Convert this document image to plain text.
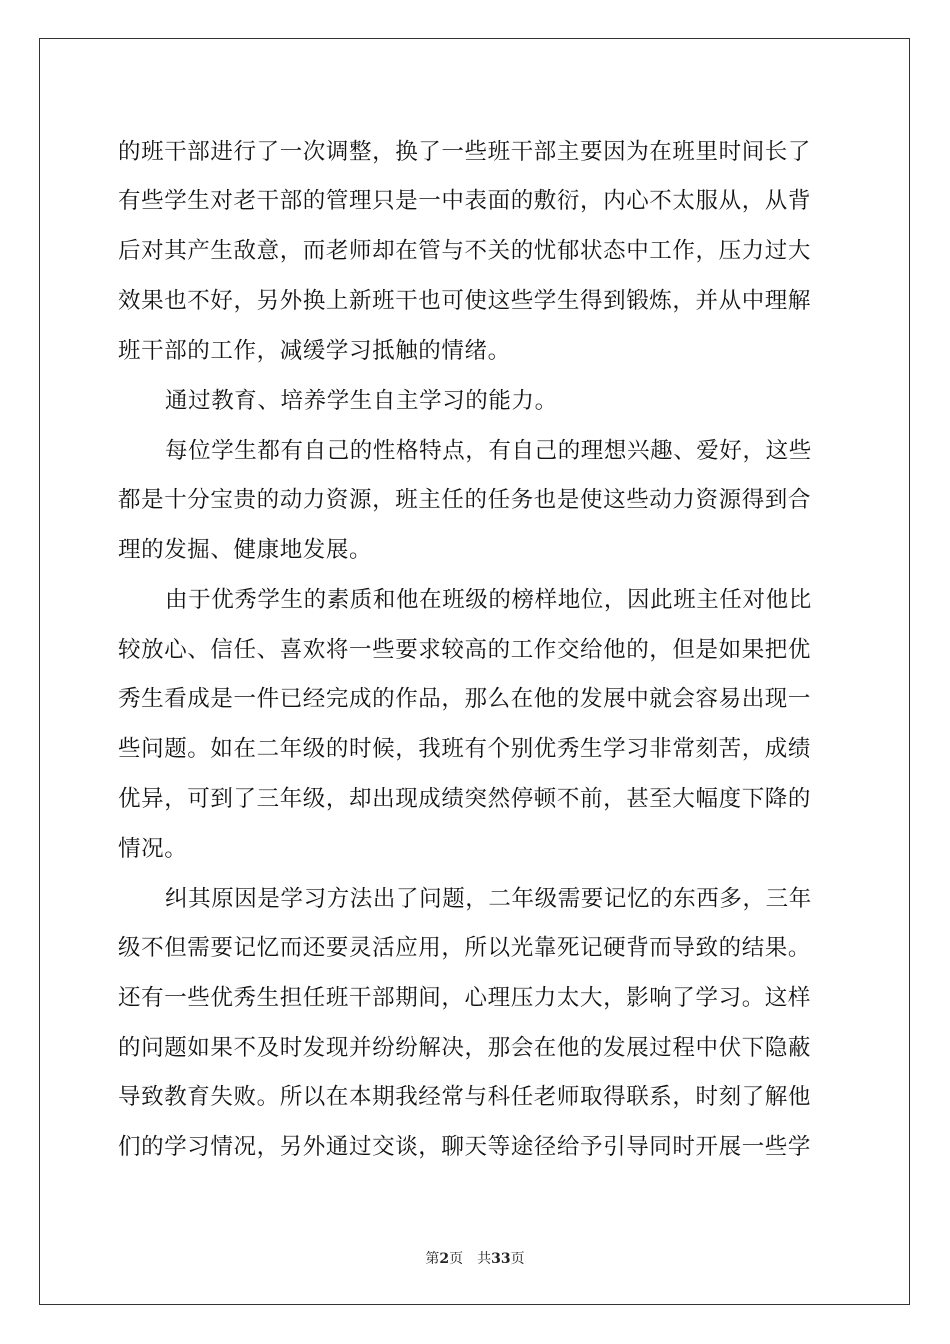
的班干部进行了一次调整，换了一些班干部主要因为在班里时间长了
有些学生对老干部的管理只是一中表面的敷衍，内心不太服从，从背
后对其产生敌意，而老师却在管与不关的忧郁状态中工作，压力过大
效果也不好，另外换上新班干也可使这些学生得到锻炼，并从中理解
班干部的工作，减缓学习抵触的情绪。
通过教育、培养学生自主学习的能力。
每位学生都有自己的性格特点，有自己的理想兴趣、爱好，这些
都是十分宝贵的动力资源，班主任的任务也是使这些动力资源得到合
理的发掘、健康地发展。
由于优秀学生的素质和他在班级的榜样地位，因此班主任对他比
较放心、信任、喜欢将一些要求较高的工作交给他的，但是如果把优
秀生看成是一件已经完成的作品，那么在他的发展中就会容易出现一
些问题。如在二年级的时候，我班有个别优秀生学习非常刻苦，成绩
优异，可到了三年级，却出现成绩突然停顿不前，甚至大幅度下降的
情况。
纠其原因是学习方法出了问题，二年级需要记忆的东西多，三年
级不但需要记忆而还要灵活应用，所以光靠死记硬背而导致的结果。
还有一些优秀生担任班干部期间，心理压力太大，影响了学习。这样
的问题如果不及时发现并纷纷解决，那会在他的发展过程中伏下隐蔽
导致教育失败。所以在本期我经常与科任老师取得联系，时刻了解他
们的学习情况，另外通过交谈，聊天等途径给予引导同时开展一些学
第2页 共33页
